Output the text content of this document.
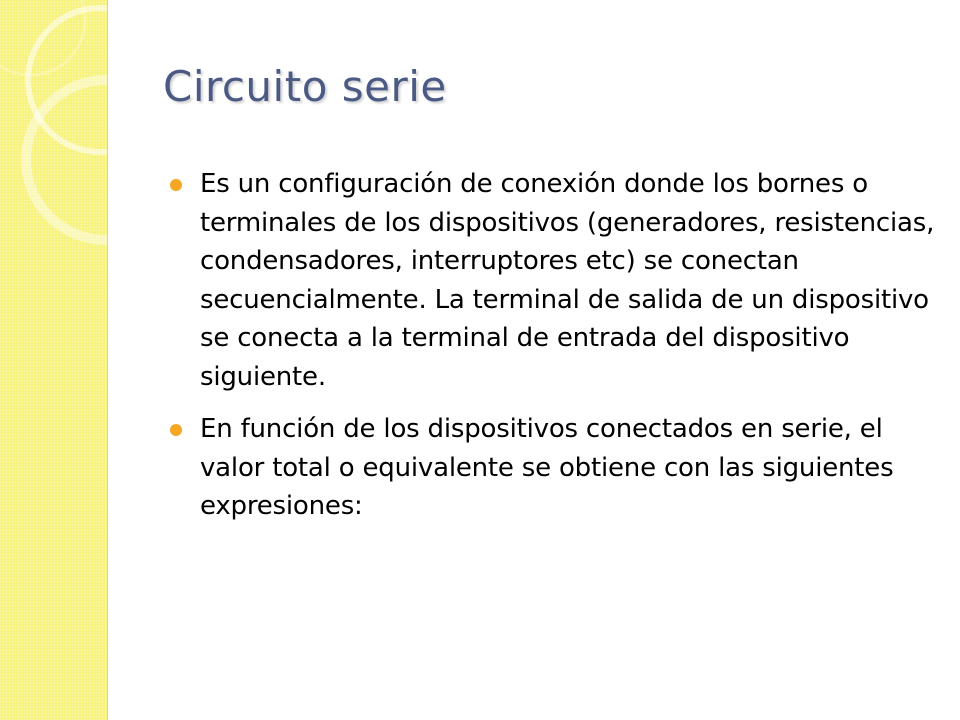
Circuito serie
Es un configuración de conexión donde los bornes o terminales de los dispositivos (generadores, resistencias, condensadores, interruptores etc) se conectan secuencialmente. La terminal de salida de un dispositivo se conecta a la terminal de entrada del dispositivo siguiente.
En función de los dispositivos conectados en serie, el valor total o equivalente se obtiene con las siguientes expresiones:
